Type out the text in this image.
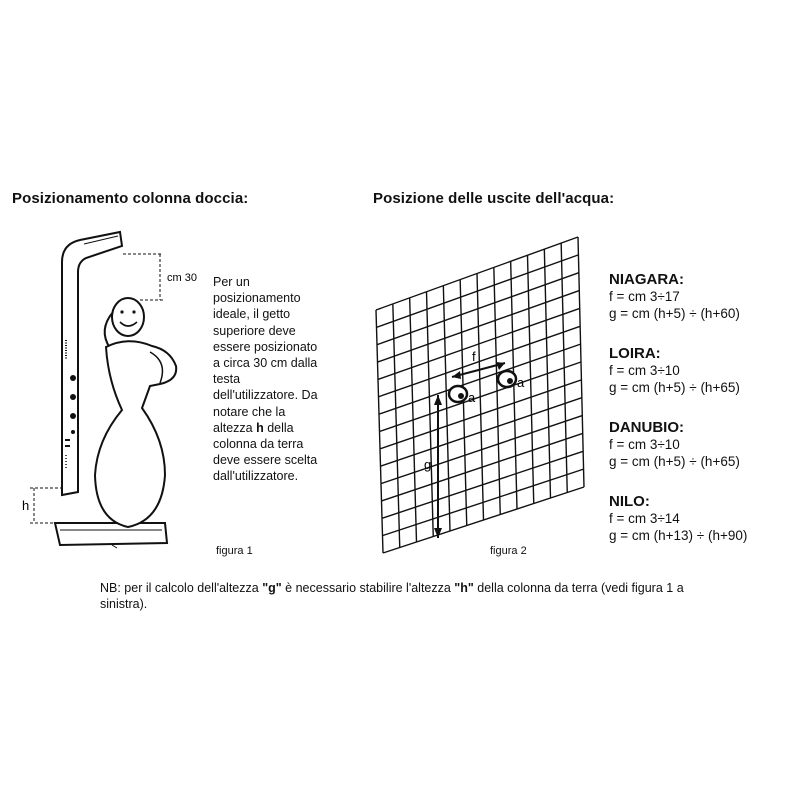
Posizionamento colonna doccia:	Posizione delle uscite dell'acqua:
cm 30
h
Per un
posizionamento
ideale, il getto
superiore deve
essere posizionato
a circa 30 cm dalla
testa
dell'utilizzatore. Da
notare che la
altezza h della
colonna da terra
deve essere scelta
dall'utilizzatore.
figura 1
f
g
a
a
figura 2
NIAGARA:
f = cm 3÷17
g = cm (h+5) ÷ (h+60)
LOIRA:
f = cm 3÷10
g = cm (h+5) ÷ (h+65)
DANUBIO:
f = cm 3÷10
g = cm (h+5) ÷ (h+65)
NILO:
f = cm 3÷14
g = cm (h+13) ÷ (h+90)
NB: per il calcolo dell'altezza "g" è necessario stabilire l'altezza "h" della colonna da terra (vedi figura 1 a
sinistra).
